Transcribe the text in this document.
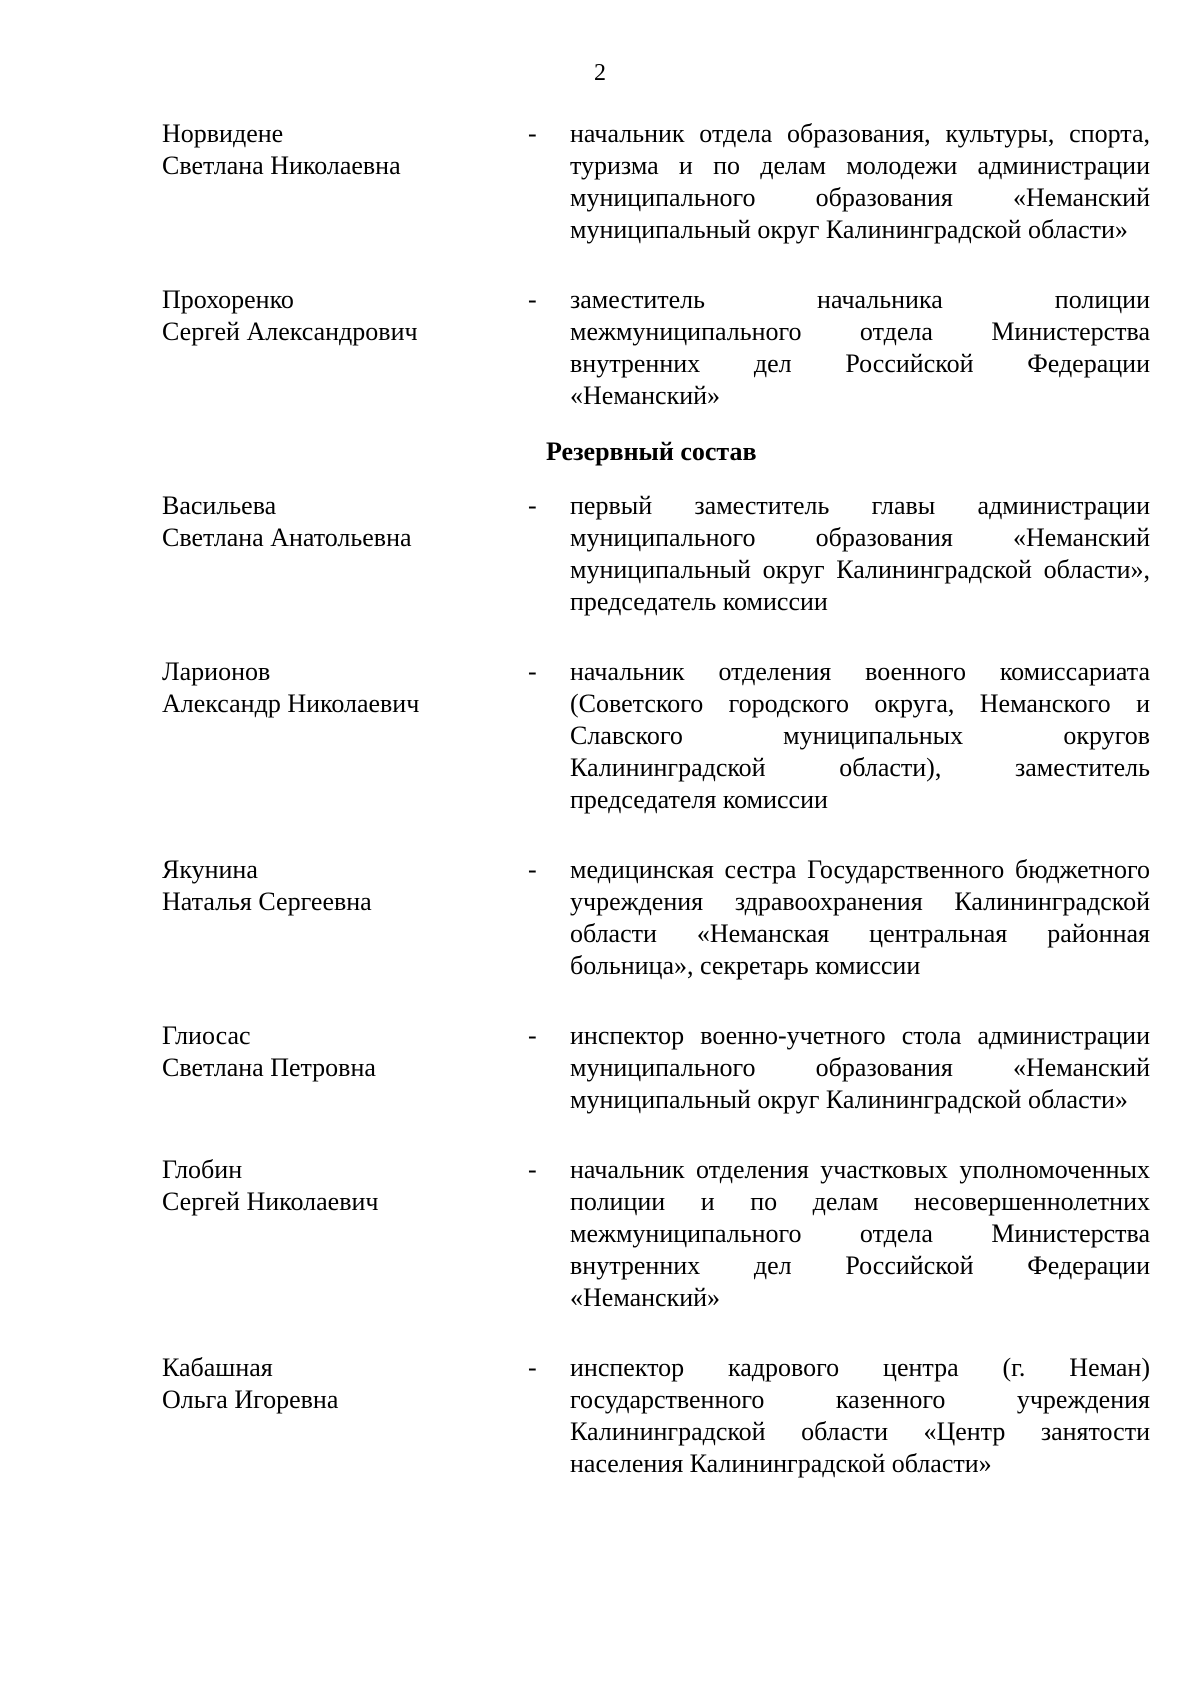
2
Норвидене
Светлана Николаевна
-	начальник отдела образования, культуры, спорта, туризма и по делам молодежи администрации муниципального образования «Неманский муниципальный округ Калининградской области»
Прохоренко
Сергей Александрович
-	заместитель начальника полиции межмуниципального отдела Министерства внутренних дел Российской Федерации «Неманский»
Резервный состав
Васильева
Светлана Анатольевна
-	первый заместитель главы администрации муниципального образования «Неманский муниципальный округ Калининградской области», председатель комиссии
Ларионов
Александр Николаевич
-	начальник отделения военного комиссариата (Советского городского округа, Неманского и Славского муниципальных округов Калининградской области), заместитель председателя комиссии
Якунина
Наталья Сергеевна
-	медицинская сестра Государственного бюджетного учреждения здравоохранения Калининградской области «Неманская центральная районная больница», секретарь комиссии
Глиосас
Светлана Петровна
-	инспектор военно-учетного стола администрации муниципального образования «Неманский муниципальный округ Калининградской области»
Глобин
Сергей Николаевич
-	начальник отделения участковых уполномоченных полиции и по делам несовершеннолетних межмуниципального отдела Министерства внутренних дел Российской Федерации «Неманский»
Кабашная
Ольга Игоревна
-	инспектор кадрового центра (г. Неман) государственного казенного учреждения Калининградской области «Центр занятости населения Калининградской области»
